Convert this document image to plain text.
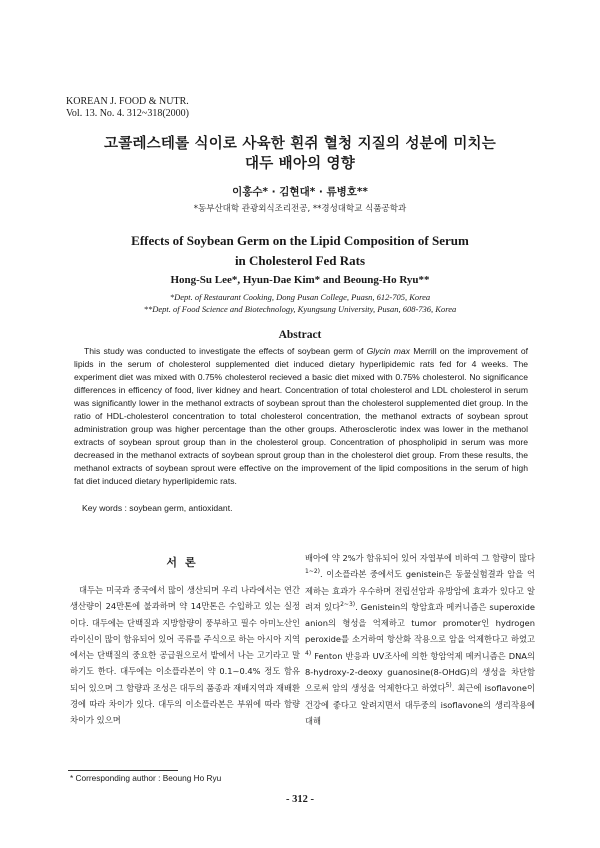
KOREAN J. FOOD & NUTR.
Vol. 13. No. 4. 312~318(2000)
고콜레스테롤 식이로 사육한 흰쥐 혈청 지질의 성분에 미치는
대두 배아의 영향
이홍수* · 김현대* · 류병호**
*동부산대학 관광외식조리전공, **경성대학교 식품공학과
Effects of Soybean Germ on the Lipid Composition of Serum
in Cholesterol Fed Rats
Hong-Su Lee*, Hyun-Dae Kim* and Beoung-Ho Ryu**
*Dept. of Restaurant Cooking, Dong Pusan College, Puasn, 612-705, Korea
**Dept. of Food Science and Biotechnology, Kyungsung University, Pusan, 608-736, Korea
Abstract

This study was conducted to investigate the effects of soybean germ of Glycin max Merrill on the improvement of lipids in the serum of cholesterol supplemented diet induced dietary hyperlipidemic rats fed for 4 weeks. The experiment diet was mixed with 0.75% cholesterol recieved a basic diet mixed with 0.75% cholesterol. No significance differences in efficency of food, liver kidney and heart. Concentration of total cholesterol and LDL cholesterol in serum was significantly lower in the methanol extracts of soybean sprout than the cholesterol supplemented diet group. In the ratio of HDL-cholesterol concentration to total cholesterol concentration, the methanol extracts of soybean sprout administration group was higher percentage than the other groups. Atherosclerotic index was lower in the methanol extracts of soybean sprout group than in the cholesterol group. Concentration of phospholipid in serum was more decreased in the methanol extracts of soybean sprout group than in the cholesterol diet group. From these results, the methanol extracts of soybean sprout were effective on the improvement of the lipid compositions in the serum of high fat diet induced dietary hyperlipidemic rats.

Key words : soybean germ, antioxidant.
서론

대두는 미국과 중국에서 많이 생산되며 우리 나라에서는 연간 생산량이 24만톤에 불과하며 약 14만톤은 수입하고 있는 실정이다. 대두에는 단백질과 지방함량이 풍부하고 필수 아미노산인 라이신이 많이 함유되어 있어 곡류를 주식으로 하는 아시아 지역에서는 단백질의 중요한 공급원으로서 밭에서 나는 고기라고 말하기도 한다. 대두에는 이소플라본이 약 0.1~0.4% 정도 함유되어 있으며 그 함량과 조성은 대두의 품종과 재배지역과 재배환경에 따라 차이가 있다. 대두의 이소플라본은 부위에 따라 함량 차이가 있으며

배아에 약 2%가 함유되어 있어 자엽부에 비하여 그 함량이 많다$^{1\sim 2)}$. 이소플라본 중에서도 genistein은 동물실험결과 암을 억제하는 효과가 우수하며 전립선암과 유방암에 효과가 있다고 알려져 있다$^{2\sim 3)}$. Genistein의 항암효과 메커니즘은 superoxide anion의 형성을 억제하고 tumor promoter인 hydrogen peroxide를 소거하여 항산화 작용으로 암을 억제한다고 하였고$^{4)}$ Fenton 반응과 UV조사에 의한 항암억제 메커니즘은 DNA의 8-hydroxy-2-deoxy guanosine(8-OHdG)의 생성을 차단함으로써 암의 생성을 억제한다고 하였다$^{5)}$. 최근에 isoflavone이 건강에 좋다고 알려지면서 대두중의 isoflavone의 생리작용에 대해

* Corresponding author : Beoung Ho Ryu
- 312 -
